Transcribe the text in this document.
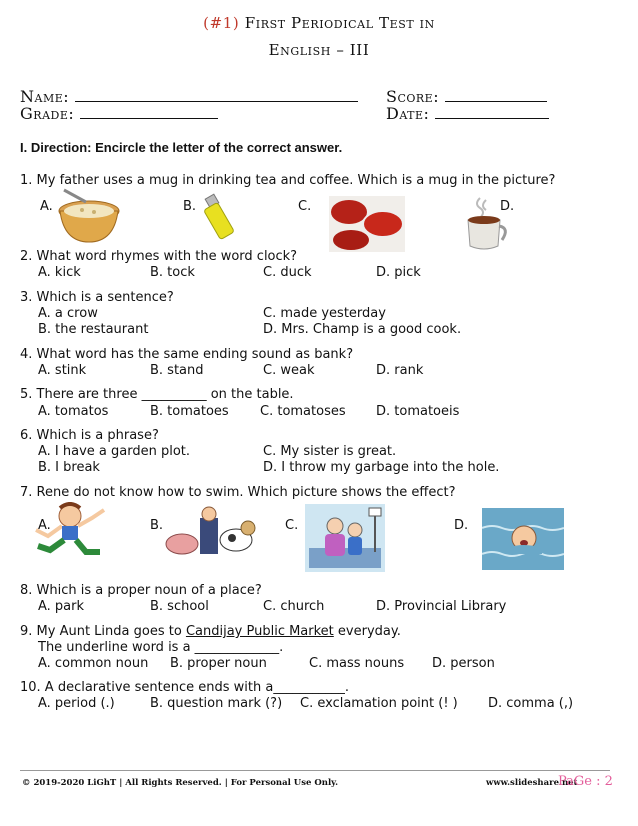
(#1) First Periodical Test in
English – III
Name:	Score:
Grade:	Date:
I. Direction: Encircle the letter of the correct answer.
1. My father uses a mug in drinking tea and coffee. Which is a mug in the picture?
A.	B.	C.	D.
2. What word rhymes with the word clock?
A. kick	B. tock	C. duck	D. pick
3. Which is a sentence?
A. a crow
B. the restaurant
C. made yesterday
D. Mrs. Champ is a good cook.
4. What word has the same ending sound as bank?
A. stink	B. stand	C. weak	D. rank
5. There are three __________ on the table.
A. tomatos	B. tomatoes C. tomatoses D. tomatoeis
6. Which is a phrase?
A. I have a garden plot.
B. I break
C. My sister is great.
D. I throw my garbage into the hole.
7. Rene do not know how to swim. Which picture shows the effect?
A.	B.	C.	D.
8. Which is a proper noun of a place?
A. park	B. school	C. church	D. Provincial Library
9. My Aunt Linda goes to Candijay Public Market everyday.
The underline word is a _____________.
A. common noun B. proper noun	C. mass nouns D. person
10. A declarative sentence ends with a___________.
A. period (.)	B. question mark (?) C. exclamation point (! ) D. comma (,)
© 2019-2020 LiGhT | All Rights Reserved. | For Personal Use Only.	www.slideshare.net
PaGe : 2
